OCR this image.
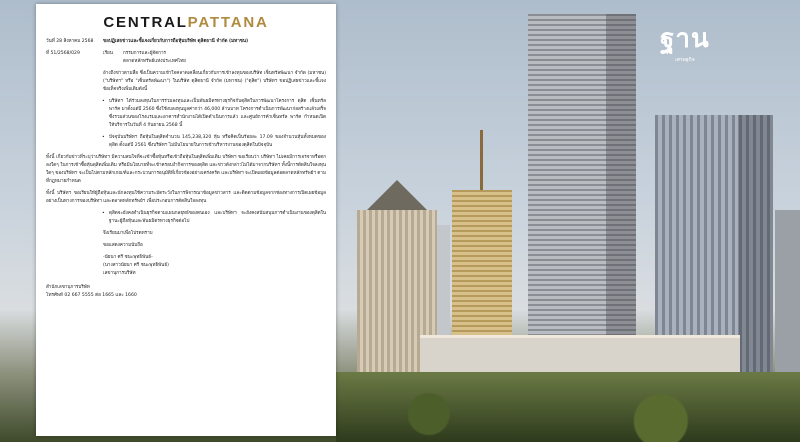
ฐาน
เศรษฐกิจ
CENTRALPATTANA
วันที่ 28 สิงหาคม 2568	ขอปฏิเสธข่าวและชี้แจงเกี่ยวกับการถือหุ้นบริษัท ดุสิตธานี จำกัด (มหาชน)
ที่ 51/2568/029	เรียน	กรรมการและผู้จัดการ
ตลาดหลักทรัพย์แห่งประเทศไทย
อ้างถึงข่าวตามสื่อ ซึ่งเป็นความเข้าใจคลาดเคลื่อนเกี่ยวกับการเข้าลงทุนของบริษัท เซ็นทรัลพัฒนา จำกัด (มหาชน) ("บริษัทฯ" หรือ "เซ็นทรัลพัฒนา") ในบริษัท ดุสิตธานี จำกัด (มหาชน) ("ดุสิต") บริษัทฯ ขอปฏิเสธข่าวและชี้แจงข้อเท็จจริงเพิ่มเติมดังนี้
• บริษัทฯ ได้ร่วมลงทุนในการร่วมลงทุนและเป็นพันธมิตรทางธุรกิจกับดุสิตในการพัฒนาโครงการ ดุสิต เซ็นทรัล พาร์ค มาตั้งแต่ปี 2560 ซึ่งใช้งบลงทุนมูลค่ากว่า 46,000 ล้านบาท โครงการดำเนินการพัฒนาก่อสร้างแล้วเสร็จ ซึ่งรวมส่วนของโรงแรมและอาคารสำนักงานได้เปิดดำเนินการแล้ว และศูนย์การค้าเซ็นทรัล พาร์ค กำหนดเปิดให้บริการในวันที่ 4 กันยายน 2568 นี้
• ปัจจุบันบริษัทฯ ถือหุ้นในดุสิตจำนวน 145,238,320 หุ้น หรือคิดเป็นร้อยละ 17.09 ของจำนวนหุ้นทั้งหมดของดุสิต ตั้งแต่ปี 2561 ซึ่งบริษัทฯ ไม่มีนโยบายในการเข้าบริหารงานของดุสิตในปัจจุบัน
ทั้งนี้ เกี่ยวกับข่าวที่ระบุว่าบริษัทฯ มีความสนใจที่จะเข้าซื้อหุ้นหรือเข้าถือหุ้นในดุสิตเพิ่มเติม บริษัทฯ ขอเรียนว่า บริษัทฯ ไม่เคยมีการเจรจาหรือตกลงใดๆ ในการเข้าซื้อหุ้นดุสิตเพิ่มเติม หรือมีนโยบายที่จะเข้าครอบงำกิจการของดุสิต และข่าวดังกล่าวไม่ได้มาจากบริษัทฯ ทั้งนี้การตัดสินใจลงทุนใดๆ ของบริษัทฯ จะเป็นไปตามหลักเกณฑ์และกระบวนการอนุมัติที่เกี่ยวข้องอย่างเคร่งครัด และบริษัทฯ จะเปิดเผยข้อมูลต่อตลาดหลักทรัพย์ฯ ตามที่กฎหมายกำหนด
ทั้งนี้ บริษัทฯ ขอเรียนให้ผู้ถือหุ้นและนักลงทุนใช้ความระมัดระวังในการพิจารณาข้อมูลข่าวสาร และติดตามข้อมูลจากช่องทางการเปิดเผยข้อมูลอย่างเป็นทางการของบริษัทฯ และตลาดหลักทรัพย์ฯ เพื่อประกอบการตัดสินใจลงทุน
• ดุสิตจะยังคงดำเนินธุรกิจตามแผนกลยุทธ์ของตนเอง และบริษัทฯ จะยังคงสนับสนุนการดำเนินงานของดุสิตในฐานะผู้ถือหุ้นและพันธมิตรทางธุรกิจต่อไป
จึงเรียนมาเพื่อโปรดทราบ
ขอแสดงความนับถือ
-นัยนา ศรี ชนะพุทธิพันธ์-
(นางสาวนัยนา ศรี ชนะพุทธิพันธ์)
เลขานุการบริษัท
สำนักเลขานุการบริษัท
โทรศัพท์ 02 667 5555 ต่อ 1665 และ 1660
